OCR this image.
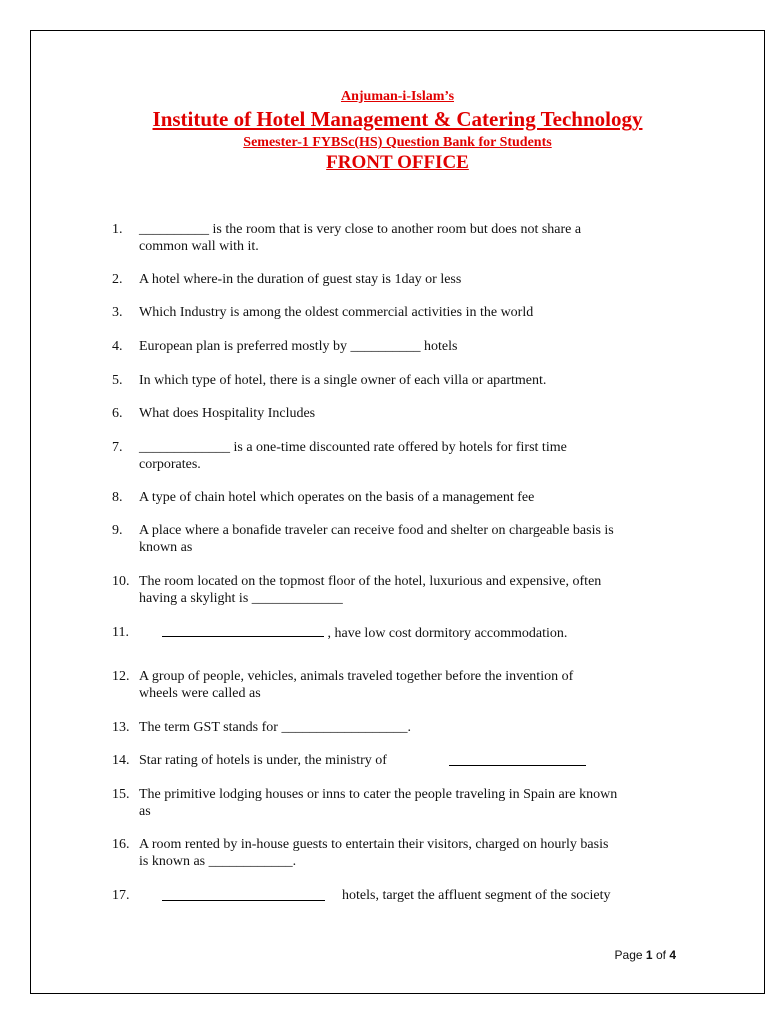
Anjuman-i-Islam’s
Institute of Hotel Management & Catering Technology
Semester-1 FYBSc(HS) Question Bank for Students
FRONT OFFICE
1. __________ is the room that is very close to another room but does not share a
common wall with it.
2. A hotel where-in the duration of guest stay is 1day or less
3. Which Industry is among the oldest commercial activities in the world
4. European plan is preferred mostly by __________ hotels
5. In which type of hotel, there is a single owner of each villa or apartment.
6. What does Hospitality Includes
7. _____________ is a one-time discounted rate offered by hotels for first time
corporates.
8. A type of chain hotel which operates on the basis of a management fee
9. A place where a bonafide traveler can receive food and shelter on chargeable basis is
known as
10. The room located on the topmost floor of the hotel, luxurious and expensive, often
having a skylight is _____________
11.	, have low cost dormitory accommodation.
12. A group of people, vehicles, animals traveled together before the invention of
wheels were called as
13. The term GST stands for __________________.
14. Star rating of hotels is under, the ministry of
15. The primitive lodging houses or inns to cater the people traveling in Spain are known
as
16. A room rented by in-house guests to entertain their visitors, charged on hourly basis
is known as ____________.
17.	hotels, target the affluent segment of the society
Page 1 of 4
